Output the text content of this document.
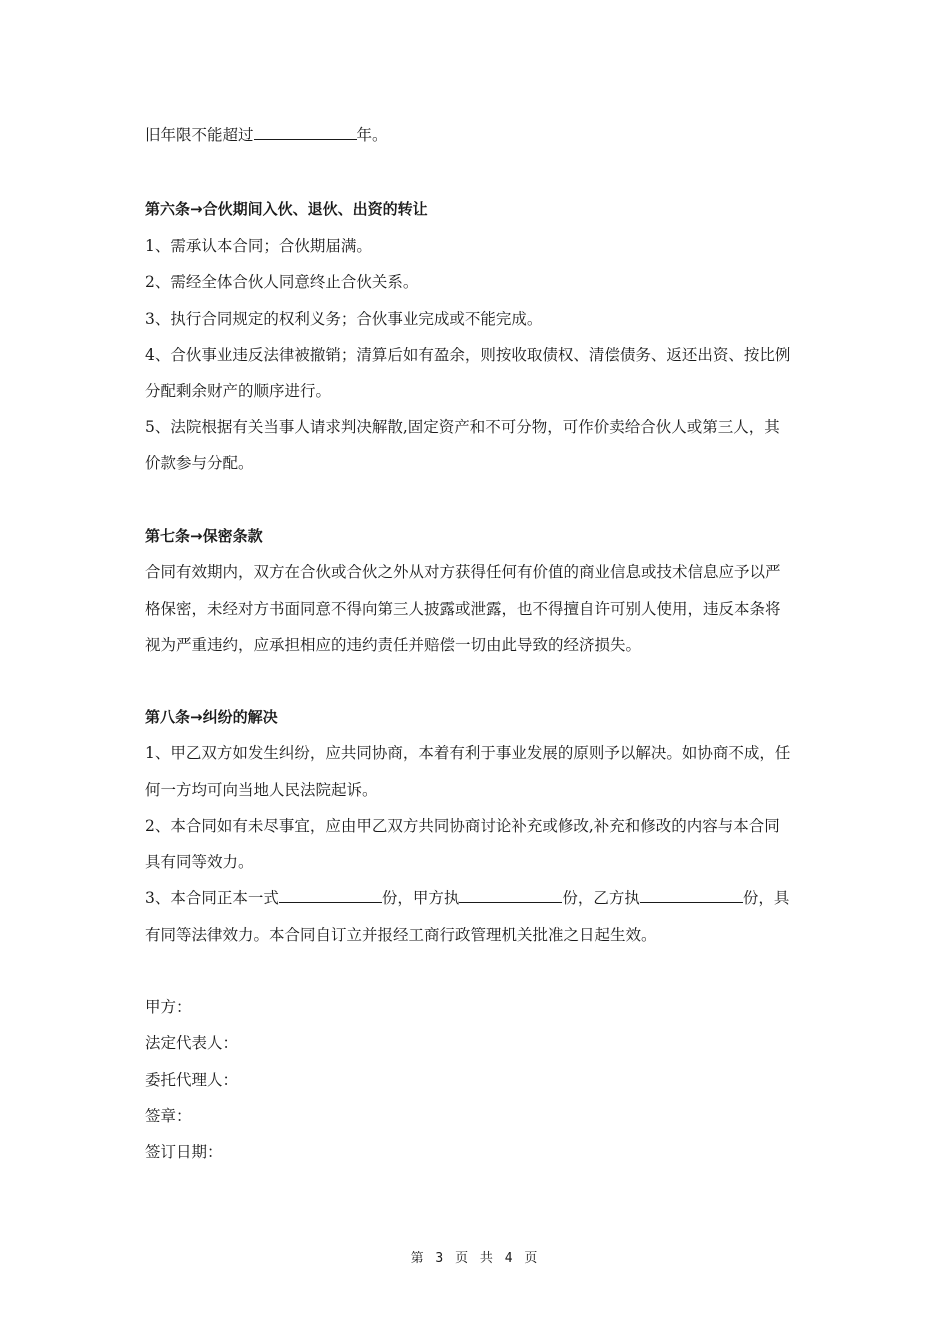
旧年限不能超过	年。
第六条→合伙期间入伙、退伙、出资的转让
1、需承认本合同；合伙期届满。
2、需经全体合伙人同意终止合伙关系。
3、执行合同规定的权利义务；合伙事业完成或不能完成。
4、合伙事业违反法律被撤销；清算后如有盈余，则按收取债权、清偿债务、返还出资、按比例
分配剩余财产的顺序进行。
5、法院根据有关当事人请求判决解散,固定资产和不可分物，可作价卖给合伙人或第三人，其
价款参与分配。
第七条→保密条款
合同有效期内，双方在合伙或合伙之外从对方获得任何有价值的商业信息或技术信息应予以严
格保密，未经对方书面同意不得向第三人披露或泄露，也不得擅自许可别人使用，违反本条将
视为严重违约，应承担相应的违约责任并赔偿一切由此导致的经济损失。
第八条→纠纷的解决
1、甲乙双方如发生纠纷，应共同协商，本着有利于事业发展的原则予以解决。如协商不成，任
何一方均可向当地人民法院起诉。
2、本合同如有未尽事宜，应由甲乙双方共同协商讨论补充或修改,补充和修改的内容与本合同
具有同等效力。
3、本合同正本一式	份，甲方执	份，乙方执	份，具
有同等法律效力。本合同自订立并报经工商行政管理机关批准之日起生效。
甲方：
法定代表人：
委托代理人：
签章：
签订日期：
第 3 页 共 4 页
